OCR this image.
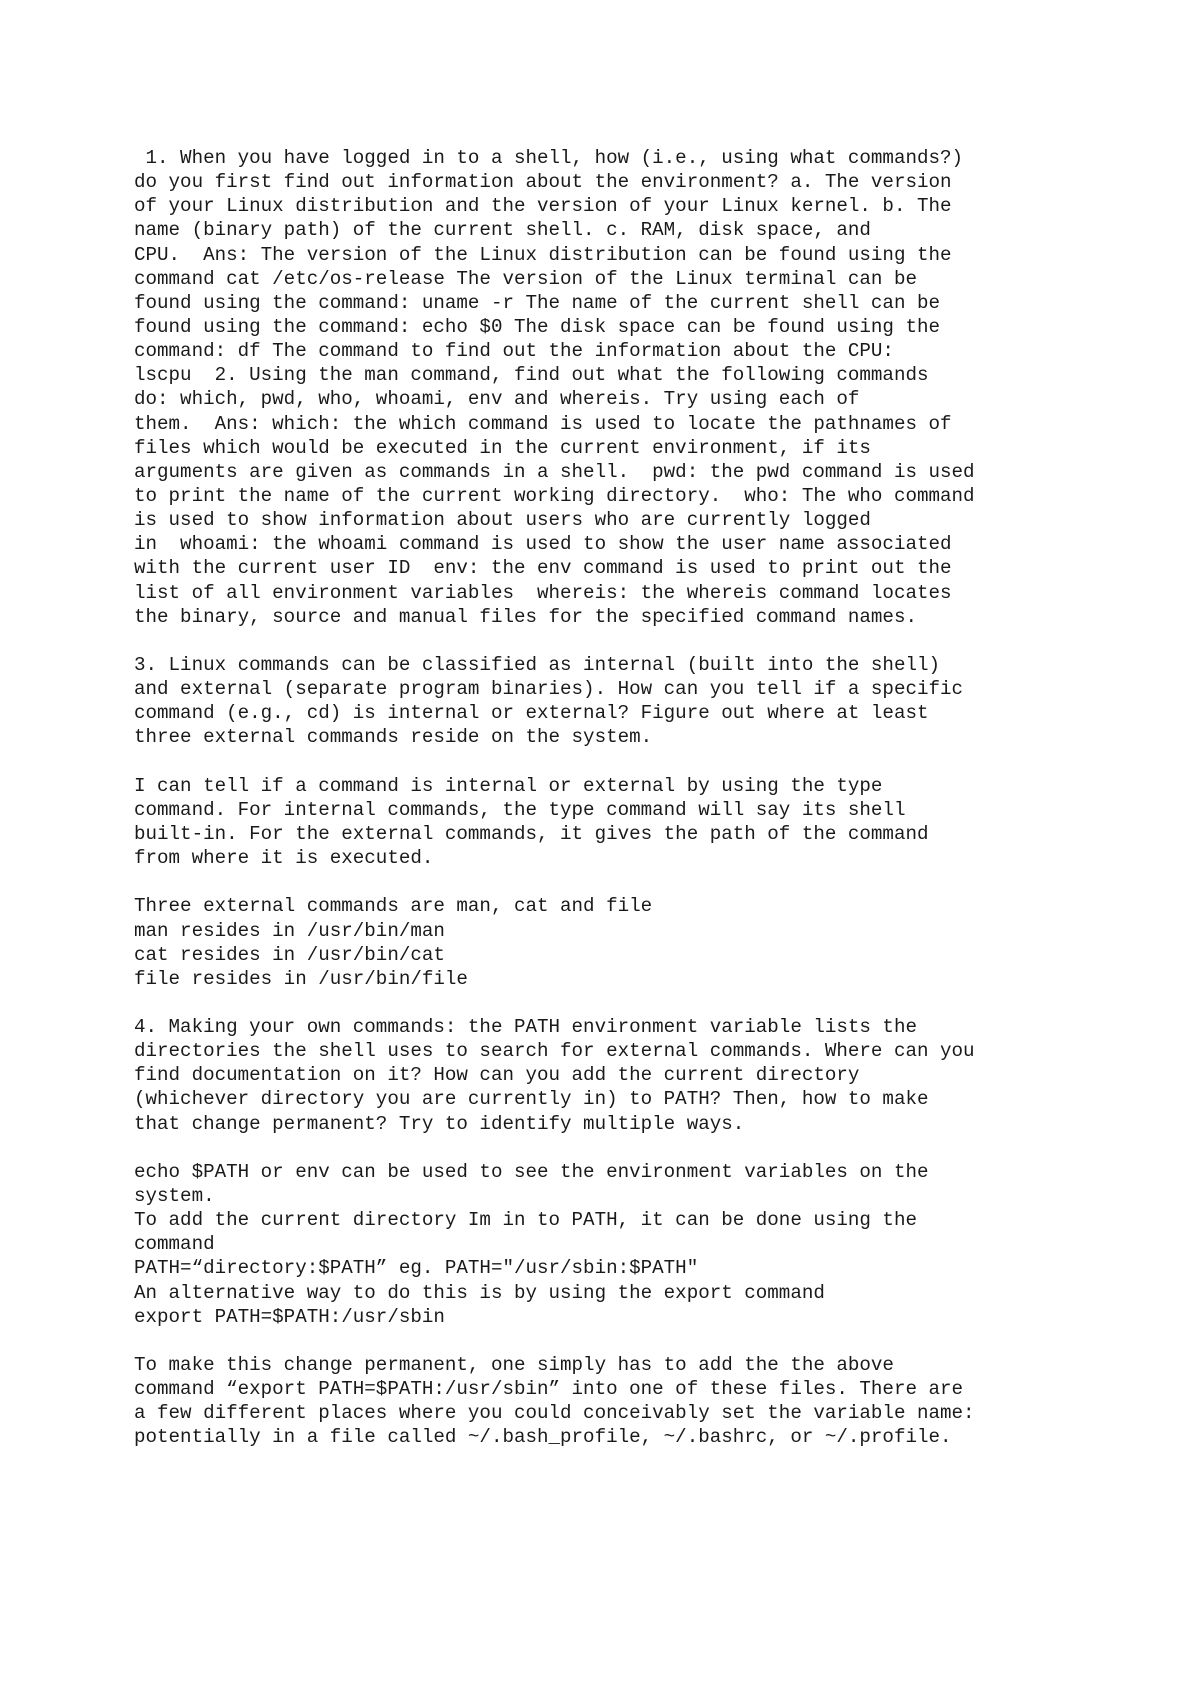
1. When you have logged in to a shell, how (i.e., using what commands?)
do you first find out information about the environment? a. The version
of your Linux distribution and the version of your Linux kernel. b. The
name (binary path) of the current shell. c. RAM, disk space, and
CPU.  Ans: The version of the Linux distribution can be found using the
command cat /etc/os-release The version of the Linux terminal can be
found using the command: uname -r The name of the current shell can be
found using the command: echo $0 The disk space can be found using the
command: df The command to find out the information about the CPU:
lscpu  2. Using the man command, find out what the following commands
do: which, pwd, who, whoami, env and whereis. Try using each of
them.  Ans: which: the which command is used to locate the pathnames of
files which would be executed in the current environment, if its
arguments are given as commands in a shell.  pwd: the pwd command is used
to print the name of the current working directory.  who: The who command
is used to show information about users who are currently logged
in  whoami: the whoami command is used to show the user name associated
with the current user ID  env: the env command is used to print out the
list of all environment variables  whereis: the whereis command locates
the binary, source and manual files for the specified command names.
3. Linux commands can be classified as internal (built into the shell)
and external (separate program binaries). How can you tell if a specific
command (e.g., cd) is internal or external? Figure out where at least
three external commands reside on the system.
I can tell if a command is internal or external by using the type
command. For internal commands, the type command will say its shell
built-in. For the external commands, it gives the path of the command
from where it is executed.
Three external commands are man, cat and file
man resides in /usr/bin/man
cat resides in /usr/bin/cat
file resides in /usr/bin/file
4. Making your own commands: the PATH environment variable lists the
directories the shell uses to search for external commands. Where can you
find documentation on it? How can you add the current directory
(whichever directory you are currently in) to PATH? Then, how to make
that change permanent? Try to identify multiple ways.
echo $PATH or env can be used to see the environment variables on the
system.
To add the current directory Im in to PATH, it can be done using the
command
PATH=“directory:$PATH” eg. PATH="/usr/sbin:$PATH"
An alternative way to do this is by using the export command
export PATH=$PATH:/usr/sbin
To make this change permanent, one simply has to add the the above
command “export PATH=$PATH:/usr/sbin” into one of these files. There are
a few different places where you could conceivably set the variable name:
potentially in a file called ~/.bash_profile, ~/.bashrc, or ~/.profile.
